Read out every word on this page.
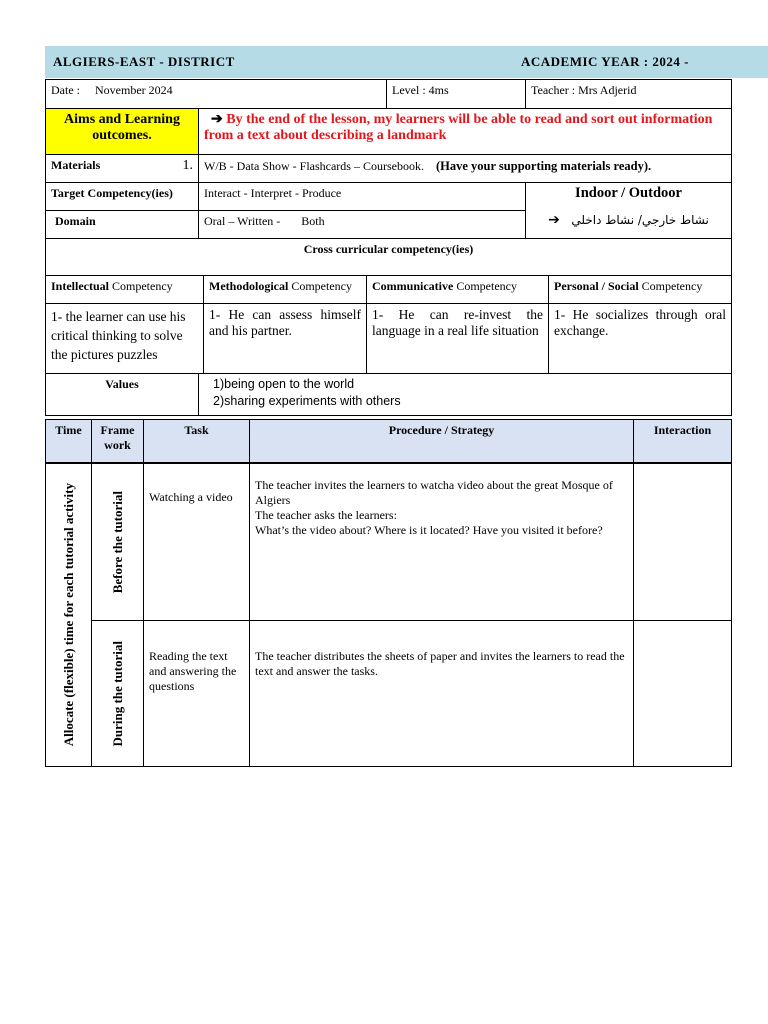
ALGIERS-EAST - DISTRICT	ACADEMIC YEAR : 2024 -
Date : November 2024				Level : 4ms	Teacher : Mrs Adjerid	
Aims and Learning outcomes.	➔ By the end of the lesson, my learners will be able to read and sort out information from a text about describing a landmark					
Materials 1.	W/B - Data Show - Flashcards – Coursebook. (Have your supporting materials ready).					
Target Competency(ies)	Interact - Interpret - Produce				Indoor / Outdoor
➔ نشاط خارجي/ نشاط داخلي	

Domain	Oral – Written -       Both					
Cross curricular competency(ies)						
Intellectual Competency		Methodological Competency	Communicative Competency			Personal / Social Competency
1- the learner can use his critical thinking to solve the pictures puzzles		1- He can assess himself and his partner.	1- He can re-invest the language in a real life situation			1- He socializes through oral exchange.
Values	1)being open to the world
2)sharing experiments with others					
Time	Frame work	Task	Procedure / Strategy	Interaction
Allocate (flexible) time for each tutorial activity	Before the tutorial	Watching a video	The teacher invites the learners to watcha video about the great Mosque of Algiers
The teacher asks the learners:
What’s the video about? Where is it located? Have you visited it before?	

	During the tutorial	Reading the text and answering the questions	The teacher distributes the sheets of paper and invites the learners to read the text and answer the tasks.	
